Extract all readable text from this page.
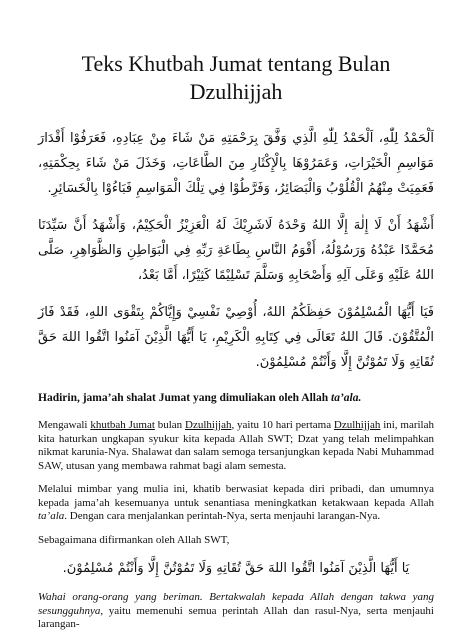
Teks Khutbah Jumat tentang Bulan Dzulhijjah

اَلْحَمْدُ لِلّٰهِ، اَلْحَمْدُ لِلّٰهِ الَّذِي وَفَّقَ بِرَحْمَتِهِ مَنْ شَاءَ مِنْ عِبَادِهِ، فَعَرَفُوْا أَقْدَارَ مَوَاسِمِ الْخَيْرَاتِ، وَعَمَرُوْهَا بِالْإِكْثَارِ مِنَ الطَّاعَاتِ، وَخَذَلَ مَنْ شَاءَ بِحِكْمَتِهِ، فَعَمِيَتْ مِنْهُمُ الْقُلُوْبُ وَالْبَصَائِرُ، وَفَرَّطُوْا فِي تِلْكَ الْمَوَاسِمِ فَبَاءُوْا بِالْخَسَائِرِ.

أَشْهَدُ أَنْ لَا إِلٰهَ إِلَّا اللهُ وَحْدَهُ لَاشَرِيْكَ لَهُ الْعَزِيْزُ الْحَكِيْمُ، وَأَشْهَدُ أَنَّ سَيِّدَنَا مُحَمَّدًا عَبْدُهُ وَرَسُوْلُهُ، أَقْوَمُ النَّاسِ بِطَاعَةِ رَبِّهِ فِي الْبَوَاطِنِ وَالظَّوَاهِرِ، صَلَّى اللهُ عَلَيْهِ وَعَلَى آلِهِ وَأَصْحَابِهِ وَسَلَّمَ تَسْلِيْمًا كَثِيْرًا، أَمَّا بَعْدُ،

فَيَا أَيُّهَا الْمُسْلِمُوْنَ حَفِظَكُمُ اللهُ، أُوْصِيْ نَفْسِيْ وَإِيَّاكُمْ بِتَقْوَى اللهِ، فَقَدْ فَازَ الْمُتَّقُوْنَ. قَالَ اللهُ تَعَالَى فِي كِتَابِهِ الْكَرِيْمِ، يَا أَيُّهَا الَّذِيْنَ آمَنُوا اتَّقُوا اللهَ حَقَّ تُقَاتِهِ وَلَا تَمُوْتُنَّ إِلَّا وَأَنْتُمْ مُسْلِمُوْنَ.

Hadirin, jama’ah shalat Jumat yang dimuliakan oleh Allah ta’ala.

Mengawali khutbah Jumat bulan Dzulhijjah, yaitu 10 hari pertama Dzulhijjah ini, marilah kita haturkan ungkapan syukur kita kepada Allah SWT; Dzat yang telah melimpahkan nikmat karunia-Nya. Shalawat dan salam semoga tersanjungkan kepada Nabi Muhammad SAW, utusan yang membawa rahmat bagi alam semesta.

Melalui mimbar yang mulia ini, khatib berwasiat kepada diri pribadi, dan umumnya kepada jama’ah kesemuanya untuk senantiasa meningkatkan ketakwaan kepada Allah ta’ala. Dengan cara menjalankan perintah-Nya, serta menjauhi larangan-Nya.

Sebagaimana difirmankan oleh Allah SWT,

يَا أَيُّهَا الَّذِيْنَ آمَنُوا اتَّقُوا اللهَ حَقَّ تُقَاتِهِ وَلَا تَمُوْتُنَّ إِلَّا وَأَنْتُمْ مُسْلِمُوْنَ.

Wahai orang-orang yang beriman. Bertakwalah kepada Allah dengan takwa yang sesungguhnya, yaitu memenuhi semua perintah Allah dan rasul-Nya, serta menjauhi larangan-
